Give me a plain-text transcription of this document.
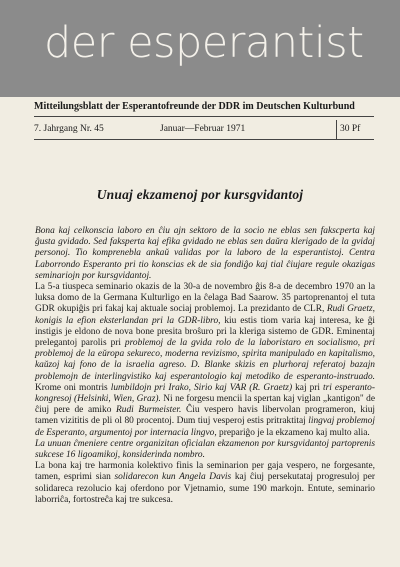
der esperantist
Mitteilungsblatt der Esperantofreunde der DDR im Deutschen Kulturbund
7. Jahrgang Nr. 45	Januar—Februar 1971	30 Pf
Unuaj ekzamenoj por kursgvidantoj

Bona kaj celkonscia laboro en ĉiu ajn sektoro de la socio ne eblas sen fakscperta kaj ĝusta gvidado. Sed faksperta kaj efika gvidado ne eblas sen daŭra klerigado de la gvidaj personoj. Tio komprenebla ankaŭ validas por la laboro de la esperantistoj. Centra Laborrondo Esperanto pri tio konscias ek de sia fondiĝo kaj tial ĉiujare regule okazigas seminariojn por kursgvidantoj.

La 5-a tiuspeca seminario okazis de la 30-a de novembro ĝis 8-a de decembro 1970 an la luksa domo de la Germana Kulturligo en la ĉelaga Bad Saarow. 35 partoprenantoj el tuta GDR okupiĝis pri fakaj kaj aktuale sociaj problemoj. La prezidanto de CLR, Rudi Graetz, konigis la efion eksterlandan pri la GDR-libro, kiu estis tiom varia kaj interesa, ke ĝi instigis je eldono de nova bone presita broŝuro pri la kleriga sistemo de GDR. Eminentaj prelegantoj parolis pri problemoj de la gvida rolo de la laboristaro en socialismo, pri problemoj de la eŭropa sekureco, moderna revizismo, spirita manipulado en kapitalismo, kaŭzoj kaj fono de la israelia agreso. D. Blanke skizis en plurhoraj referatoj bazajn problemojn de interlingvistiko kaj esperantologio kaj metodiko de esperanto-instruado. Krome oni montris lumbildojn pri Irako, Sirio kaj VAR (R. Graetz) kaj pri tri esperanto-kongresoj (Helsinki, Wien, Graz). Ni ne forgesu mencii la spertan kaj viglan „kantigon" de ĉiuj pere de amiko Rudi Burmeister. Ĉiu vesperо havis libervolan programeron, kiuj tamen vizititis de pli ol 80 procentoj. Dum tiuj vesperoj estis pritraktitaj lingvaj problemoj de Esperanto, argumentoj por internacia lingvo, prepariĝo je la ekzameno kaj multo alia.

La unuan ĉmeniere centre organizitan oficialan ekzamenon por kursgvidantoj partoprenis sukcese 16 ligoamikoj, konsiderinda nombro.

La bona kaj tre harmonia kolektivo finis la seminarion per gaja vespero, ne forgesante, tamen, esprimi sian solidarecon kun Angela Davis kaj ĉiuj persekutataj progresuloj per solidareca rezolucio kaj oferdono por Vjetnamio, sume 190 markojn. Entute, seminario laborriĉa, fortostreĉa kaj tre sukcesa.
